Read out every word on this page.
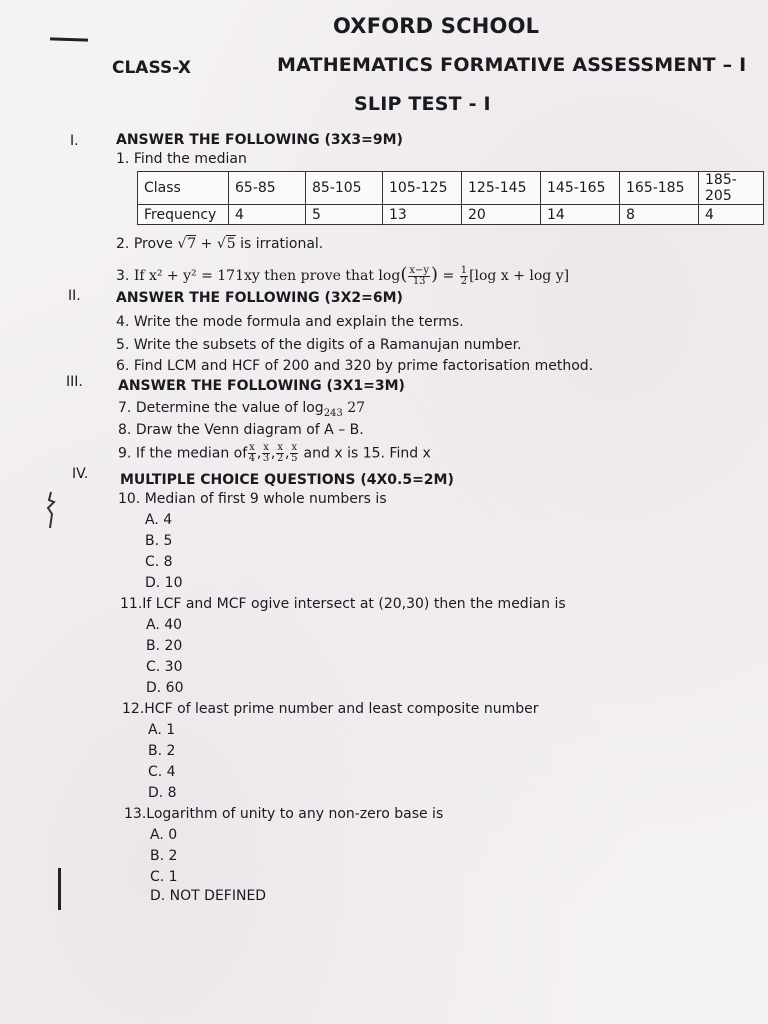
OXFORD SCHOOL
CLASS-X	MATHEMATICS FORMATIVE ASSESSMENT – I
SLIP TEST - I
I.	ANSWER THE FOLLOWING (3X3=9M)
1. Find the median
Class	65-85	85-105	105-125	125-145	145-165	165-185	185-205
Frequency	4	5	13	20	14	8	4
2. Prove √7 + √5 is irrational.
3. If x² + y² = 171xy then prove that $\log( \frac{x-y}{13}$ ) = $\frac{1}{2} [\log$ x + log y]
II.	ANSWER THE FOLLOWING (3X2=6M)
4. Write the mode formula and explain the terms.
5. Write the subsets of the digits of a Ramanujan number.
6. Find LCM and HCF of 200 and 320 by prime factorisation method.
III.	ANSWER THE FOLLOWING (3X1=3M)
7. Determine the value of $\log_{243} 27$
8. Draw the Venn diagram of A – B.
9. If the median of $\frac{x}{4}$ , $\frac{x}{3}$ , $\frac{x}{2}$ , $\frac{x}{5}$ and x is 15. Find x
IV. MULTIPLE CHOICE QUESTIONS (4X0.5=2M)
10. Median of first 9 whole numbers is
A. 4
B. 5
C. 8
D. 10
11.If LCF and MCF ogive intersect at (20,30) then the median is
A. 40
B. 20
C. 30
D. 60
12.HCF of least prime number and least composite number
A. 1
B. 2
C. 4
D. 8
13.Logarithm of unity to any non-zero base is
A. 0
B. 2
C. 1
D. NOT DEFINED
